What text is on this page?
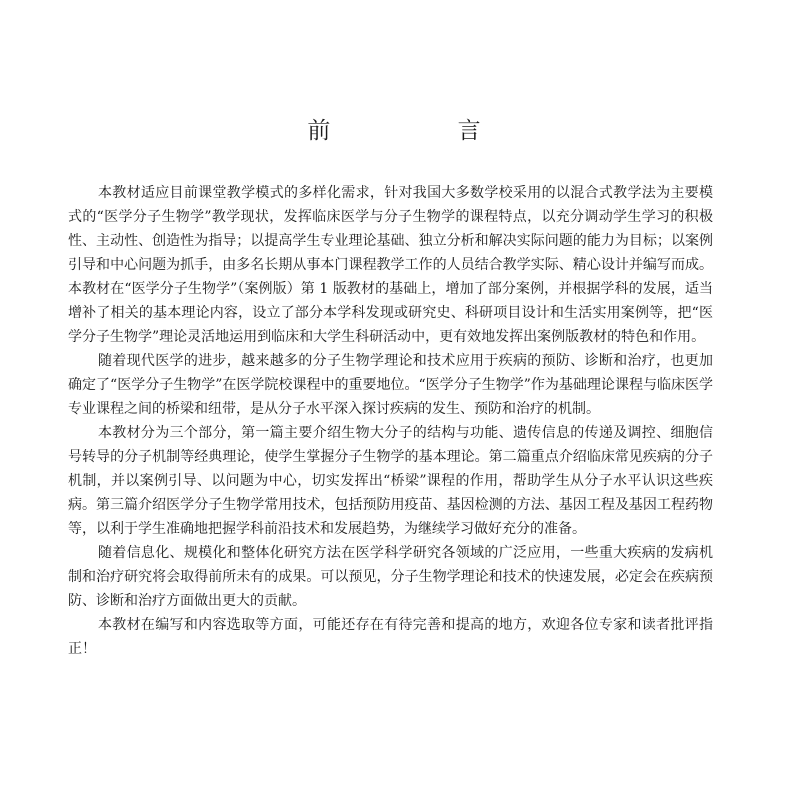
前 言

本教材适应目前课堂教学模式的多样化需求，针对我国大多数学校采用的以混合式教学法为主要模式的“医学分子生物学”教学现状，发挥临床医学与分子生物学的课程特点，以充分调动学生学习的积极性、主动性、创造性为指导；以提高学生专业理论基础、独立分析和解决实际问题的能力为目标；以案例引导和中心问题为抓手，由多名长期从事本门课程教学工作的人员结合教学实际、精心设计并编写而成。本教材在“医学分子生物学”（案例版）第 1 版教材的基础上，增加了部分案例，并根据学科的发展，适当增补了相关的基本理论内容，设立了部分本学科发现或研究史、科研项目设计和生活实用案例等，把“医学分子生物学”理论灵活地运用到临床和大学生科研活动中，更有效地发挥出案例版教材的特色和作用。

随着现代医学的进步，越来越多的分子生物学理论和技术应用于疾病的预防、诊断和治疗，也更加确定了“医学分子生物学”在医学院校课程中的重要地位。“医学分子生物学”作为基础理论课程与临床医学专业课程之间的桥梁和纽带，是从分子水平深入探讨疾病的发生、预防和治疗的机制。

本教材分为三个部分，第一篇主要介绍生物大分子的结构与功能、遗传信息的传递及调控、细胞信号转导的分子机制等经典理论，使学生掌握分子生物学的基本理论。第二篇重点介绍临床常见疾病的分子机制，并以案例引导、以问题为中心，切实发挥出“桥梁”课程的作用，帮助学生从分子水平认识这些疾病。第三篇介绍医学分子生物学常用技术，包括预防用疫苗、基因检测的方法、基因工程及基因工程药物等，以利于学生准确地把握学科前沿技术和发展趋势，为继续学习做好充分的准备。

随着信息化、规模化和整体化研究方法在医学科学研究各领域的广泛应用，一些重大疾病的发病机制和治疗研究将会取得前所未有的成果。可以预见，分子生物学理论和技术的快速发展，必定会在疾病预防、诊断和治疗方面做出更大的贡献。

本教材在编写和内容选取等方面，可能还存在有待完善和提高的地方，欢迎各位专家和读者批评指正！
